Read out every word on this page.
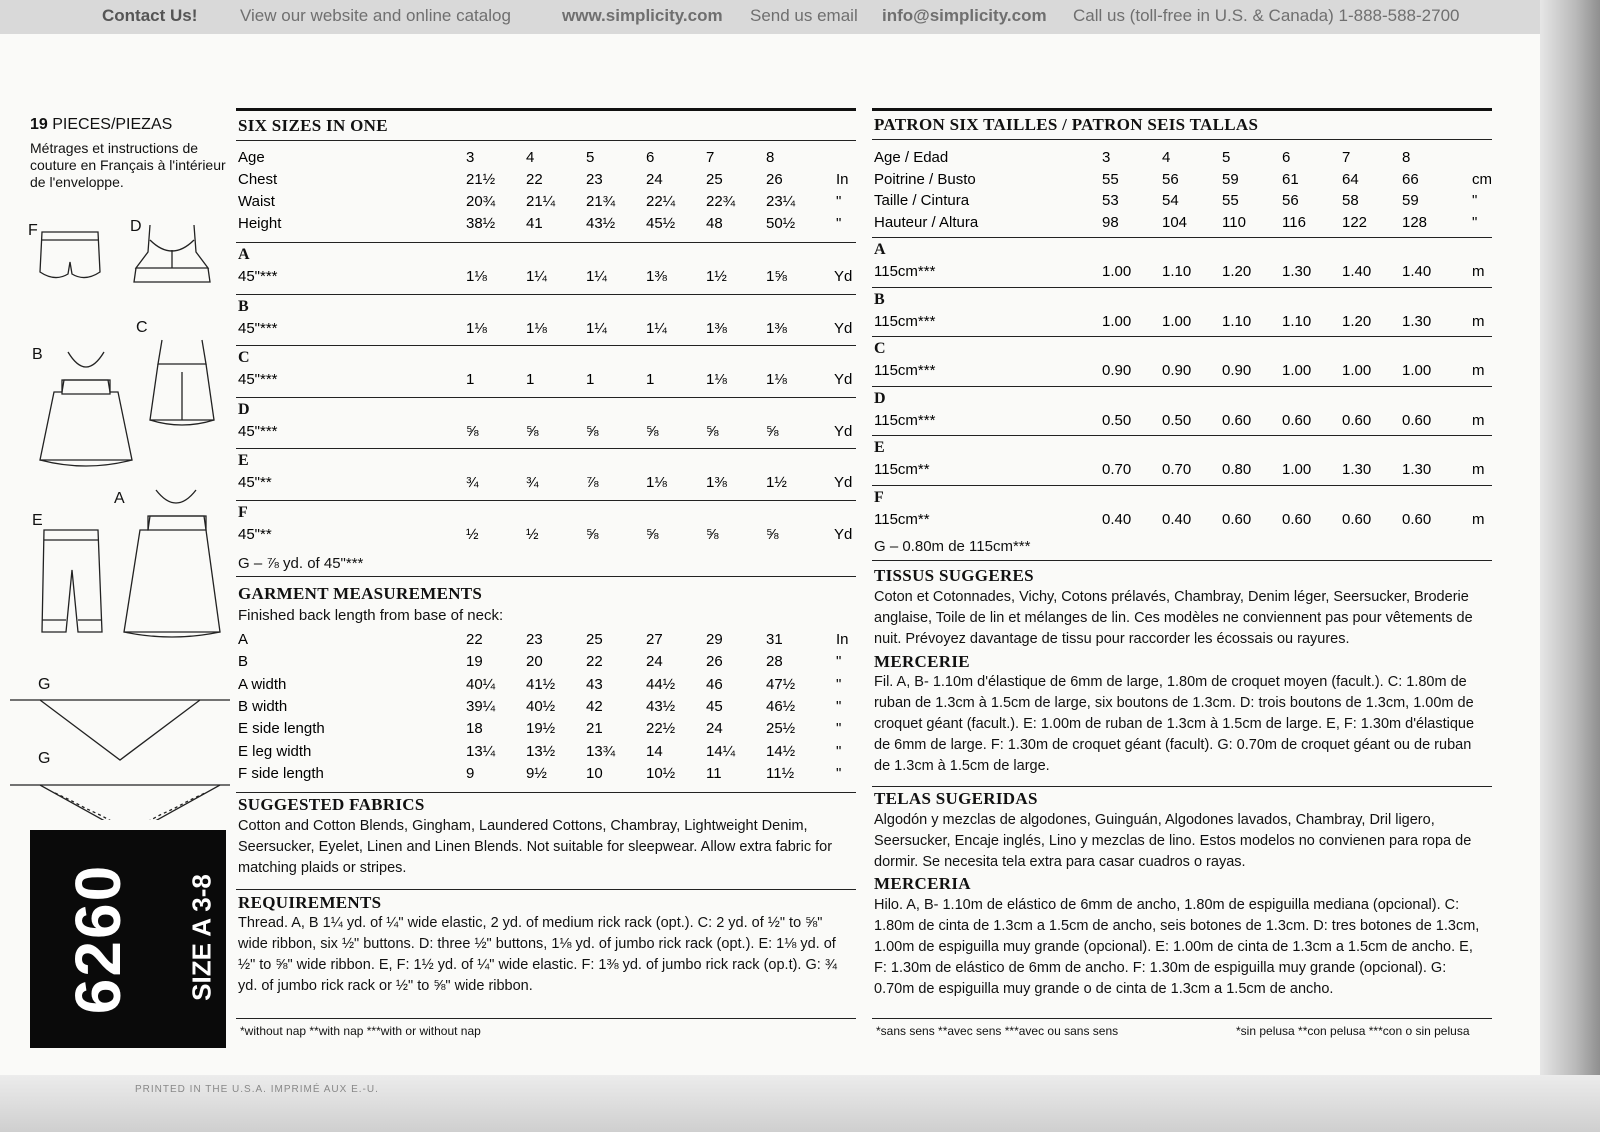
Contact Us!	View our website and online catalog	www.simplicity.com Send us email info@simplicity.com Call us (toll-free in U.S. & Canada) 1-888-588-2700
PRINTED IN THE U.S.A. IMPRIMÉ AUX E.-U.
19 PIECES/PIEZAS
Métrages et instructions de couture en Français à l'intérieur de l'enveloppe.
F	D
B
C
E
A
G
G
6260 SIZE A 3-8
SIX SIZES IN ONE
G – ⅞ yd. of 45"***
GARMENT MEASUREMENTS
Finished back length from base of neck:
SUGGESTED FABRICS
Cotton and Cotton Blends, Gingham, Laundered Cottons, Chambray, Lightweight Denim, Seersucker, Eyelet, Linen and Linen Blends. Not suitable for sleepwear. Allow extra fabric for matching plaids or stripes.
REQUIREMENTS
Thread. A, B 1¼ yd. of ¼" wide elastic, 2 yd. of medium rick rack (opt.). C: 2 yd. of ½" to ⅝" wide ribbon, six ½" buttons. D: three ½" buttons, 1⅛ yd. of jumbo rick rack (opt.). E: 1⅛ yd. of ½" to ⅝" wide ribbon. E, F: 1½ yd. of ¼" wide elastic. F: 1⅜ yd. of jumbo rick rack (op.t). G: ¾ yd. of jumbo rick rack or ½" to ⅝" wide ribbon.
*without nap **with nap ***with or without nap
PATRON SIX TAILLES / PATRON SEIS TALLAS
G – 0.80m de 115cm***
TISSUS SUGGERES
Coton et Cotonnades, Vichy, Cotons prélavés, Chambray, Denim léger, Seersucker, Broderie anglaise, Toile de lin et mélanges de lin. Ces modèles ne conviennent pas pour vêtements de nuit. Prévoyez davantage de tissu pour raccorder les écossais ou rayures.
MERCERIE
Fil. A, B- 1.10m d'élastique de 6mm de large, 1.80m de croquet moyen (facult.). C: 1.80m de ruban de 1.3cm à 1.5cm de large, six boutons de 1.3cm. D: trois boutons de 1.3cm, 1.00m de croquet géant (facult.). E: 1.00m de ruban de 1.3cm à 1.5cm de large. E, F: 1.30m d'élastique de 6mm de large. F: 1.30m de croquet géant (facult). G: 0.70m de croquet géant ou de ruban de 1.3cm à 1.5cm de large.
TELAS SUGERIDAS
Algodón y mezclas de algodones, Guinguán, Algodones lavados, Chambray, Dril ligero, Seersucker, Encaje inglés, Lino y mezclas de lino. Estos modelos no convienen para ropa de dormir. Se necesita tela extra para casar cuadros o rayas.
MERCERIA
Hilo. A, B- 1.10m de elástico de 6mm de ancho, 1.80m de espiguilla mediana (opcional). C: 1.80m de cinta de 1.3cm a 1.5cm de ancho, seis botones de 1.3cm. D: tres botones de 1.3cm, 1.00m de espiguilla muy grande (opcional). E: 1.00m de cinta de 1.3cm a 1.5cm de ancho. E, F: 1.30m de elástico de 6mm de ancho. F: 1.30m de espiguilla muy grande (opcional). G: 0.70m de espiguilla muy grande o de cinta de 1.3cm a 1.5cm de ancho.
*sans sens **avec sens ***avec ou sans sens	*sin pelusa **con pelusa ***con o sin pelusa
Age	3	4	5	6	7	8
Chest	21½ 22	23	24	25	26	In
Waist	20¾ 21¼ 21¾ 22¼ 22¾ 23¼	"
Height	38½ 41	43½ 45½ 48	50½	"
A
45"***	1⅛	1¼	1¼	1⅜	1½	1⅝	Yd
B
45"***	1⅛	1⅛	1¼	1¼	1⅜	1⅜	Yd
C
45"***	1	1	1	1	1⅛	1⅛	Yd
D
45"***	⅝	⅝	⅝	⅝	⅝	⅝	Yd
E
45"**	¾	¾	⅞	1⅛	1⅜	1½	Yd
F
45"**	½	½	⅝	⅝	⅝	⅝	Yd
A	22	23	25	27	29	31	In
B	19	20	22	24	26	28	"
A width	40¼ 41½ 43	44½ 46	47½	"
B width	39¼ 40½ 42	43½ 45	46½	"
E side length	18	19½ 21	22½ 24	25½	"
E leg width	13¼ 13½ 13¾ 14	14¼ 14½	"
F side length	9	9½	10	10½ 11	11½	"
Age / Edad	3	4	5	6	7	8
Poitrine / Busto	55	56	59	61	64	66	cm
Taille / Cintura	53	54	55	56	58	59	"
Hauteur / Altura	98	104 110 116 122 128	"
A
115cm***	1.00 1.10 1.20 1.30 1.40 1.40	m
B
115cm***	1.00 1.00 1.10 1.10 1.20 1.30	m
C
115cm***	0.90 0.90 0.90 1.00 1.00 1.00	m
D
115cm***	0.50 0.50 0.60 0.60 0.60 0.60	m
E
115cm**	0.70 0.70 0.80 1.00 1.30 1.30	m
F
115cm**	0.40 0.40 0.60 0.60 0.60 0.60	m
